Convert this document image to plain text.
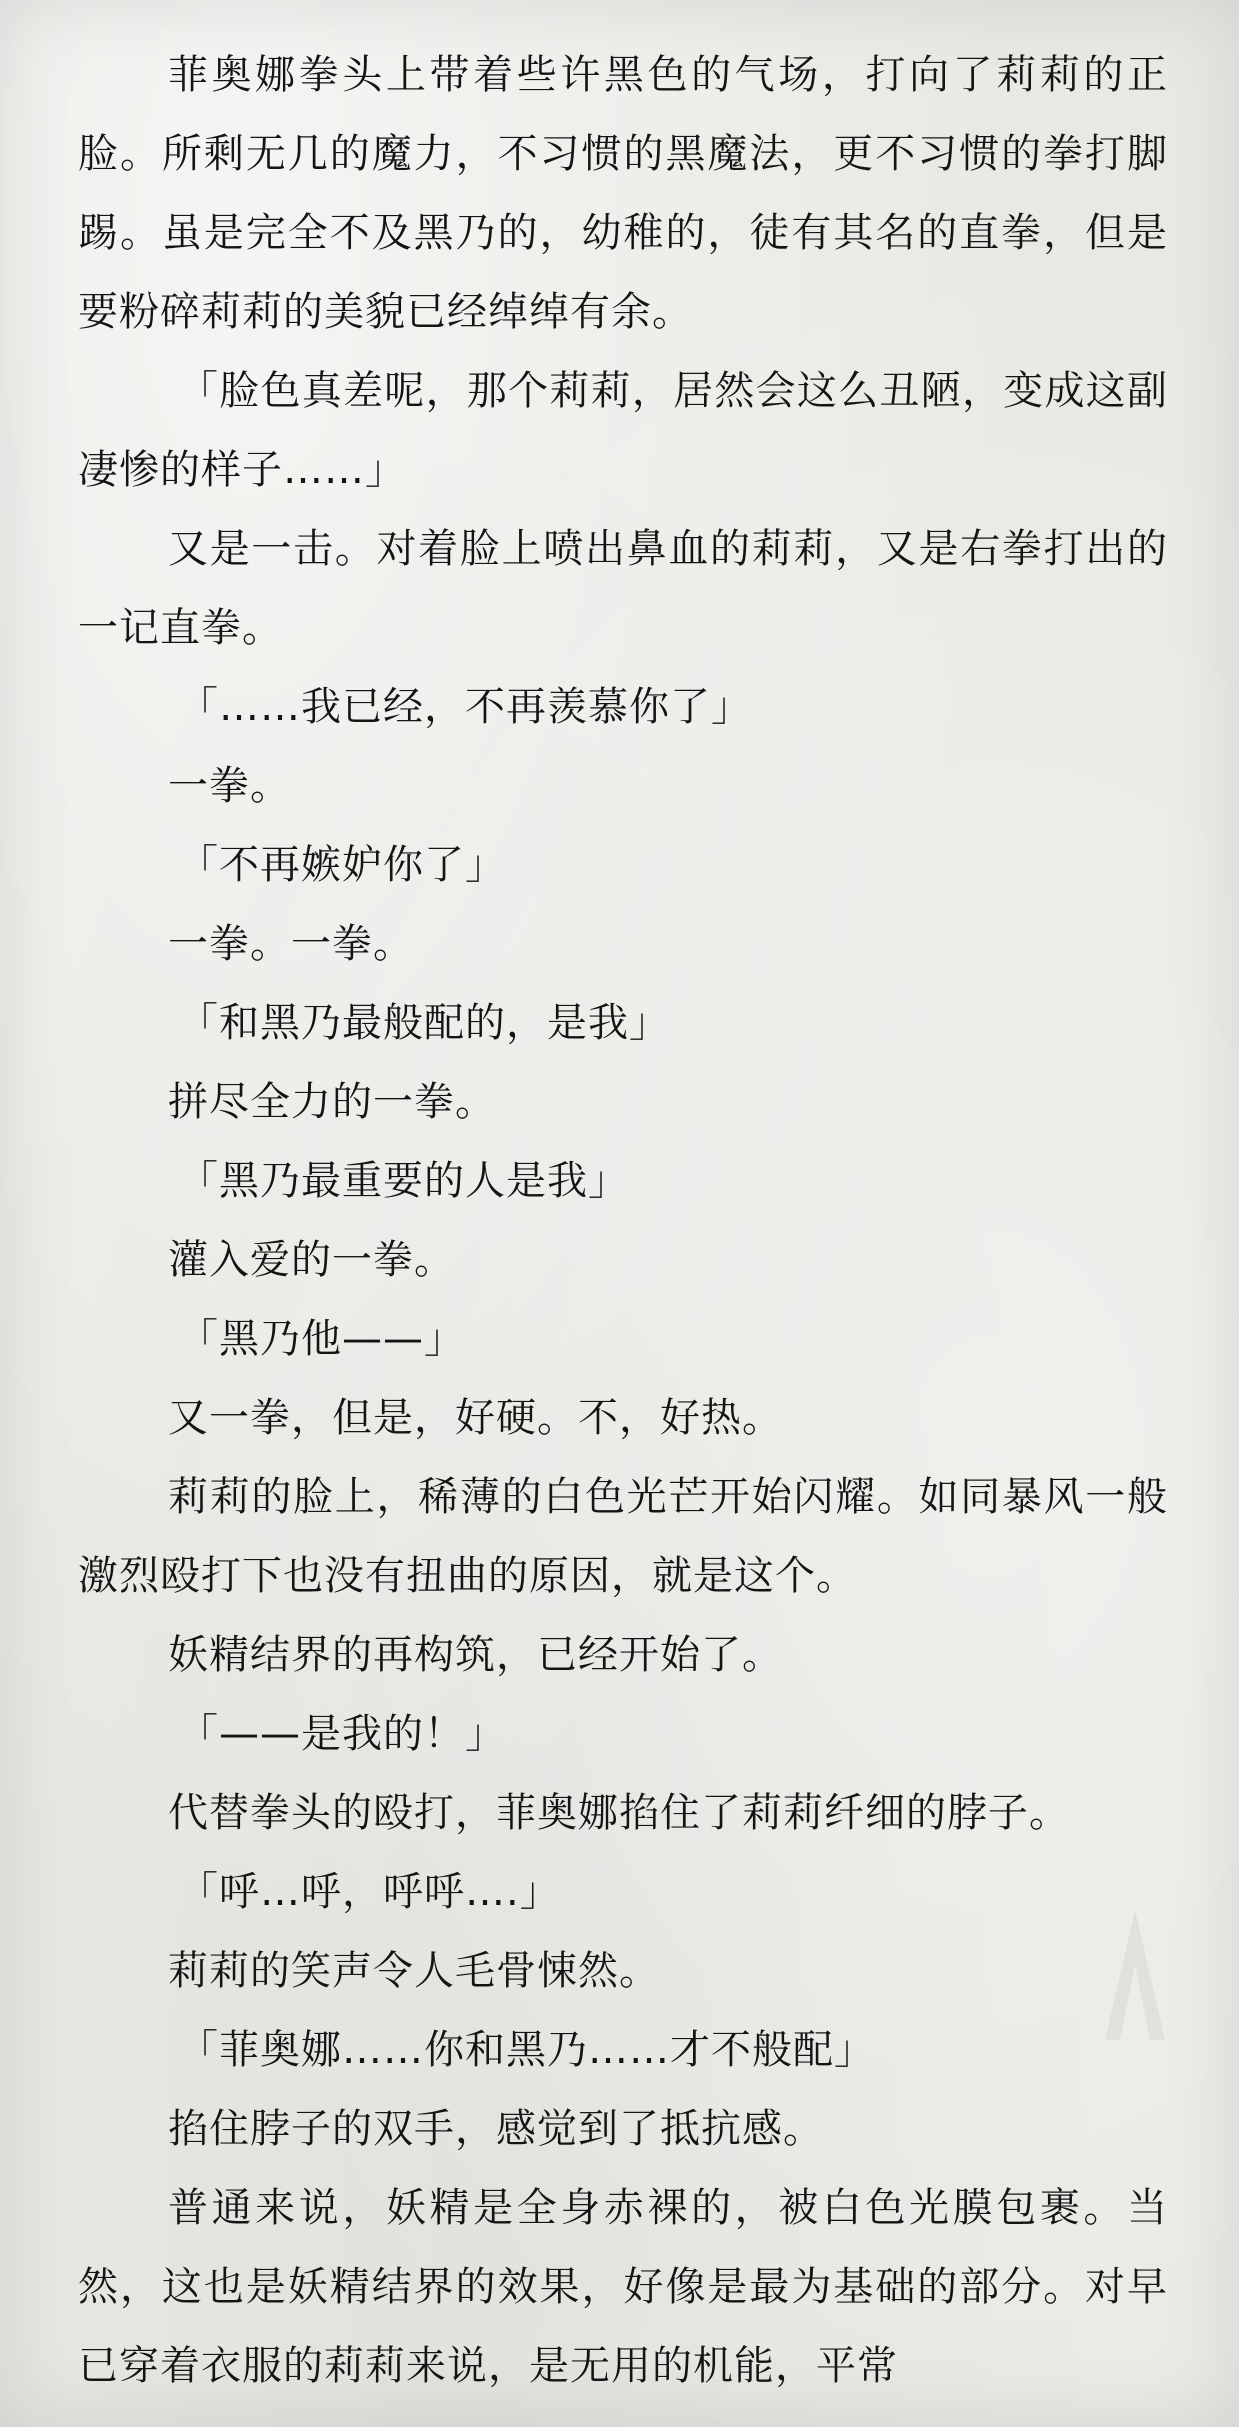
菲奥娜拳头上带着些许黑色的气场，打向了莉莉的正脸。所剩无几的魔力，不习惯的黑魔法，更不习惯的拳打脚踢。虽是完全不及黑乃的，幼稚的，徒有其名的直拳，但是要粉碎莉莉的美貌已经绰绰有余。

「脸色真差呢，那个莉莉，居然会这么丑陋，变成这副凄惨的样子……」

又是一击。对着脸上喷出鼻血的莉莉，又是右拳打出的一记直拳。

「……我已经，不再羡慕你了」

一拳。

「不再嫉妒你了」

一拳。一拳。

「和黑乃最般配的，是我」

拼尽全力的一拳。

「黑乃最重要的人是我」

灌入爱的一拳。

「黑乃他——」

又一拳，但是，好硬。不，好热。

莉莉的脸上，稀薄的白色光芒开始闪耀。如同暴风一般激烈殴打下也没有扭曲的原因，就是这个。

妖精结界的再构筑，已经开始了。

「——是我的！」

代替拳头的殴打，菲奥娜掐住了莉莉纤细的脖子。

「呼…呼，呼呼….」

莉莉的笑声令人毛骨悚然。

「菲奥娜……你和黑乃……才不般配」

掐住脖子的双手，感觉到了抵抗感。

普通来说，妖精是全身赤裸的，被白色光膜包裹。当然，这也是妖精结界的效果，好像是最为基础的部分。对早已穿着衣服的莉莉来说，是无用的机能，平常
